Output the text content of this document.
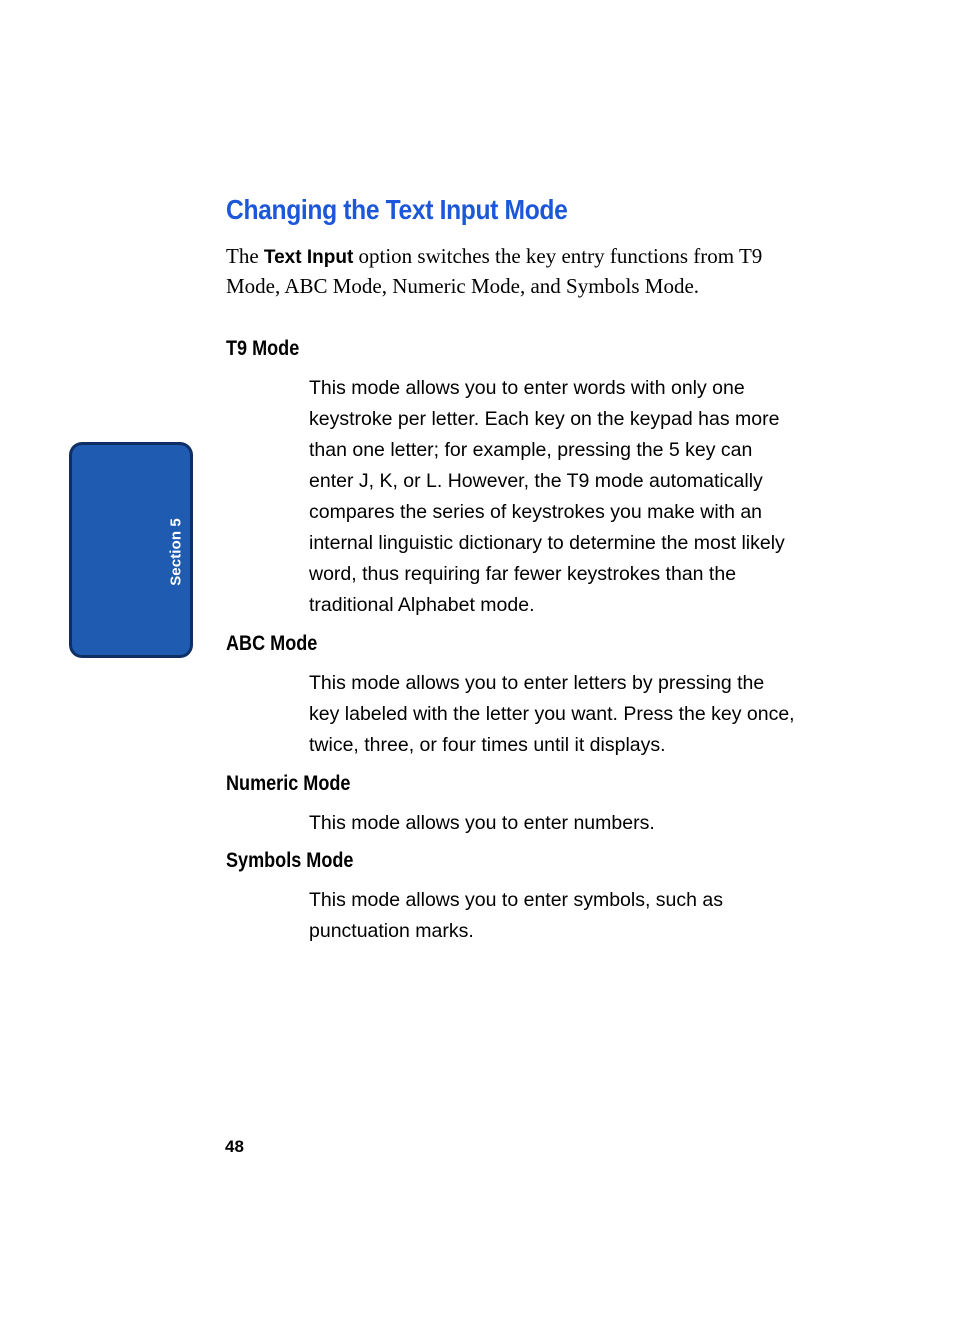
Section 5
Changing the Text Input Mode

The Text Input option switches the key entry functions from T9 Mode, ABC Mode, Numeric Mode, and Symbols Mode.

T9 Mode

This mode allows you to enter words with only one keystroke per letter. Each key on the keypad has more than one letter; for example, pressing the 5 key can enter J, K, or L. However, the T9 mode automatically compares the series of keystrokes you make with an internal linguistic dictionary to determine the most likely word, thus requiring far fewer keystrokes than the traditional Alphabet mode.

ABC Mode

This mode allows you to enter letters by pressing the key labeled with the letter you want. Press the key once, twice, three, or four times until it displays.

Numeric Mode

This mode allows you to enter numbers.

Symbols Mode

This mode allows you to enter symbols, such as punctuation marks.

48
